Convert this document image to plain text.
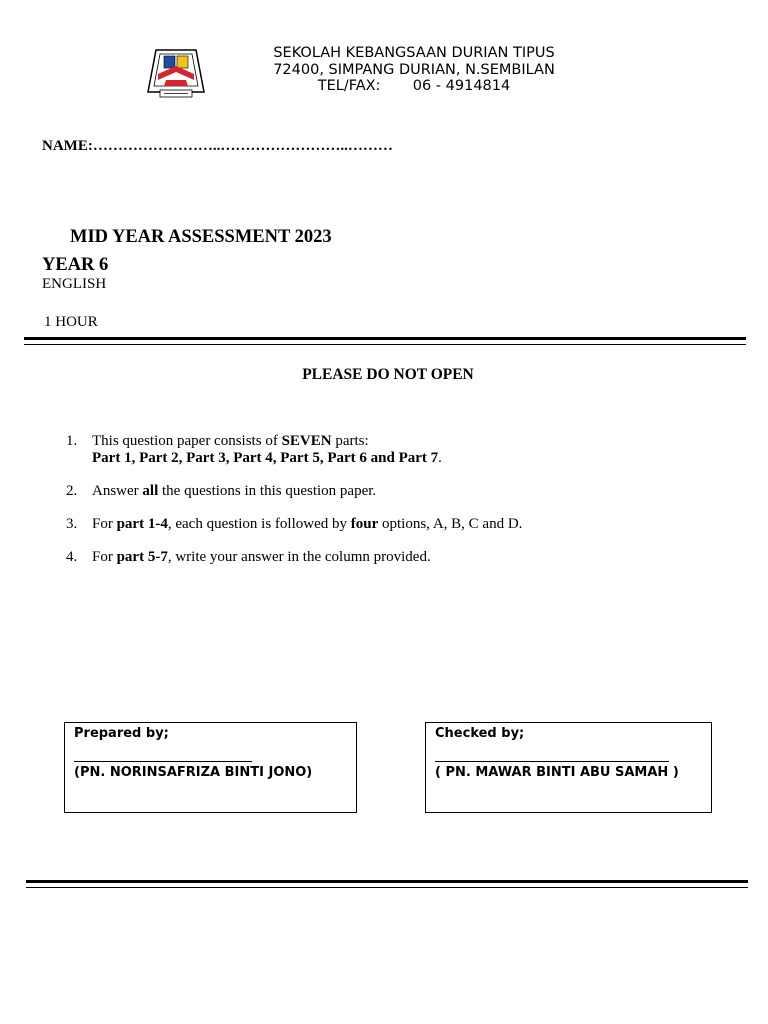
SEKOLAH KEBANGSAAN DURIAN TIPUS
72400, SIMPANG DURIAN, N.SEMBILAN
TEL/FAX:       06 - 4914814
NAME:……………………..……………………..………
MID YEAR ASSESSMENT 2023
YEAR 6
ENGLISH
1 HOUR
PLEASE DO NOT OPEN
1. This question paper consists of SEVEN parts:
Part 1, Part 2, Part 3, Part 4, Part 5, Part 6 and Part 7.
2. Answer all the questions in this question paper.
3. For part 1-4, each question is followed by four options, A, B, C and D.
4. For part 5-7, write your answer in the column provided.
Prepared by;
(PN. NORINSAFRIZA BINTI JONO)
Checked by;
( PN. MAWAR BINTI ABU SAMAH )
